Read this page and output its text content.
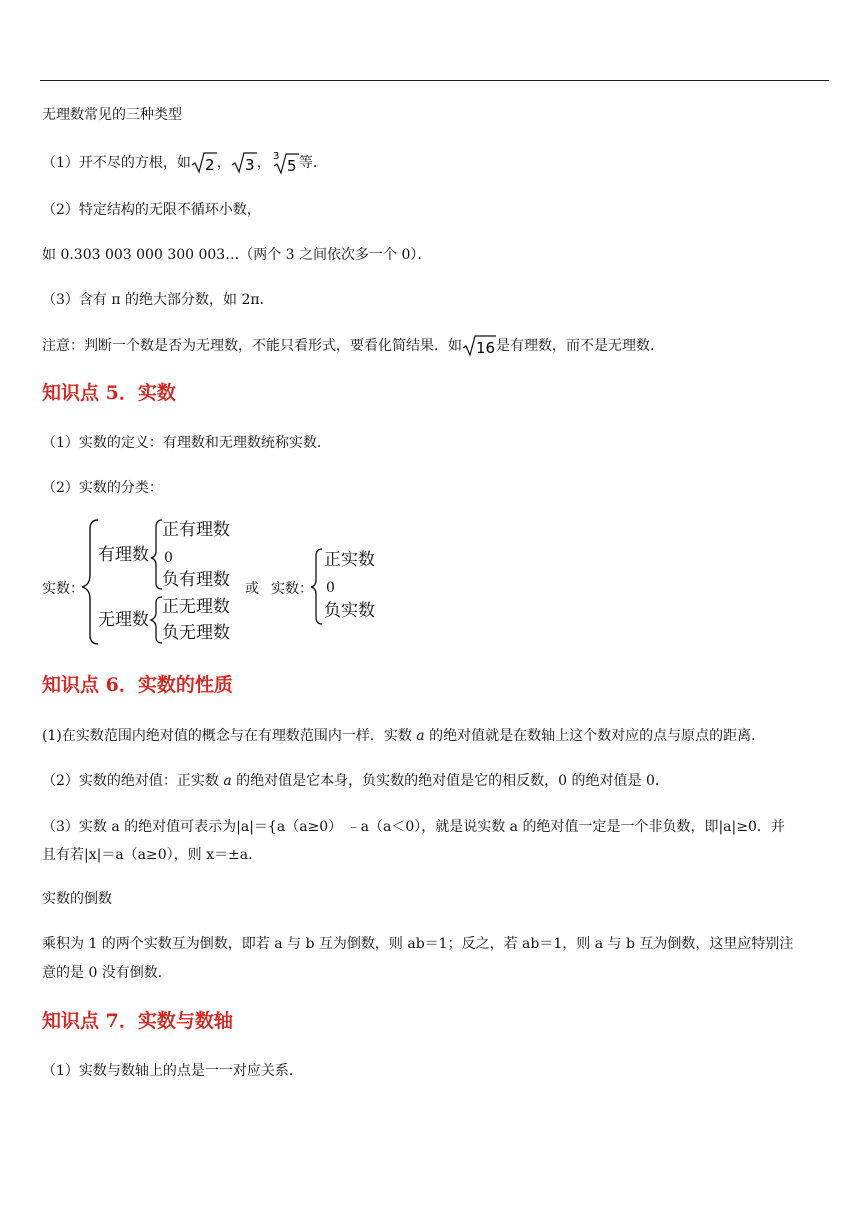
无理数常见的三种类型
（1）开不尽的方根，如 2 ， 3 ， 3
5 等．
（2）特定结构的无限不循环小数，
如 0.303 003 000 300 003…（两个 3 之间依次多一个 0）．
（3）含有 π 的绝大部分数，如 2π．
注意：判断一个数是否为无理数，不能只看形式，要看化简结果．如 16 是有理数，而不是无理数．
知识点 5．实数
（1）实数的定义：有理数和无理数统称实数．
（2）实数的分类：
实数：
有理数
正有理数
0
负有理数
无理数
正无理数
负无理数
或 实数：
正实数
0
负实数
知识点 6．实数的性质
(1)在实数范围内绝对值的概念与在有理数范围内一样．实数 a 的绝对值就是在数轴上这个数对应的点与原点的距离．
（2）实数的绝对值：正实数 a 的绝对值是它本身，负实数的绝对值是它的相反数，0 的绝对值是 0．
（3）实数 a 的绝对值可表示为|a|＝{a（a≥0） ﹣a（a＜0），就是说实数 a 的绝对值一定是一个非负数，即|a|≥0．并
且有若|x|＝a（a≥0），则 x＝±a．
实数的倒数
乘积为 1 的两个实数互为倒数，即若 a 与 b 互为倒数，则 ab＝1；反之，若 ab＝1，则 a 与 b 互为倒数，这里应特别注
意的是 0 没有倒数．
知识点 7．实数与数轴
（1）实数与数轴上的点是一一对应关系．
